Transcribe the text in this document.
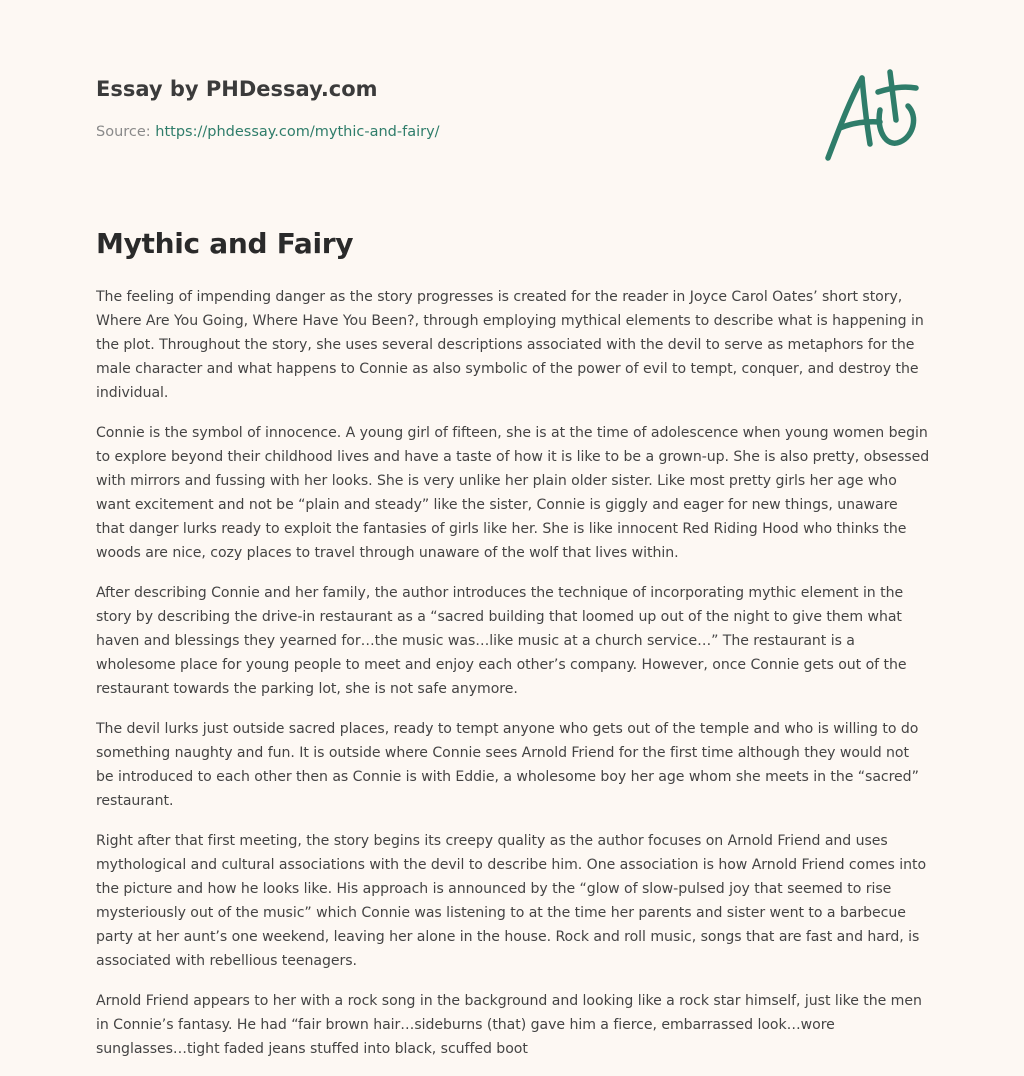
Essay by PHDessay.com
Source: https://phdessay.com/mythic-and-fairy/
Mythic and Fairy

The feeling of impending danger as the story progresses is created for the reader in Joyce Carol Oates’ short story, Where Are You Going, Where Have You Been?, through employing mythical elements to describe what is happening in the plot. Throughout the story, she uses several descriptions associated with the devil to serve as metaphors for the male character and what happens to Connie as also symbolic of the power of evil to tempt, conquer, and destroy the individual.

Connie is the symbol of innocence. A young girl of fifteen, she is at the time of adolescence when young women begin to explore beyond their childhood lives and have a taste of how it is like to be a grown-up. She is also pretty, obsessed with mirrors and fussing with her looks. She is very unlike her plain older sister. Like most pretty girls her age who want excitement and not be “plain and steady” like the sister, Connie is giggly and eager for new things, unaware that danger lurks ready to exploit the fantasies of girls like her. She is like innocent Red Riding Hood who thinks the woods are nice, cozy places to travel through unaware of the wolf that lives within.

After describing Connie and her family, the author introduces the technique of incorporating mythic element in the story by describing the drive-in restaurant as a “sacred building that loomed up out of the night to give them what haven and blessings they yearned for…the music was…like music at a church service…” The restaurant is a wholesome place for young people to meet and enjoy each other’s company. However, once Connie gets out of the restaurant towards the parking lot, she is not safe anymore.

The devil lurks just outside sacred places, ready to tempt anyone who gets out of the temple and who is willing to do something naughty and fun. It is outside where Connie sees Arnold Friend for the first time although they would not be introduced to each other then as Connie is with Eddie, a wholesome boy her age whom she meets in the “sacred” restaurant.

Right after that first meeting, the story begins its creepy quality as the author focuses on Arnold Friend and uses mythological and cultural associations with the devil to describe him. One association is how Arnold Friend comes into the picture and how he looks like. His approach is announced by the “glow of slow-pulsed joy that seemed to rise mysteriously out of the music” which Connie was listening to at the time her parents and sister went to a barbecue party at her aunt’s one weekend, leaving her alone in the house. Rock and roll music, songs that are fast and hard, is associated with rebellious teenagers.

Arnold Friend appears to her with a rock song in the background and looking like a rock star himself, just like the men in Connie’s fantasy. He had “fair brown hair…sideburns (that) gave him a fierce, embarrassed look…wore sunglasses…tight faded jeans stuffed into black, scuffed boot
